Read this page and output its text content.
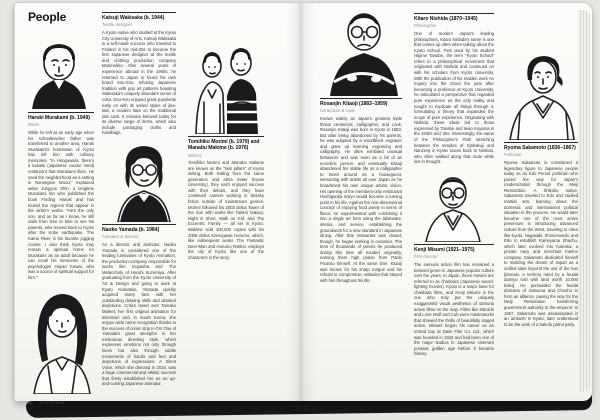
People
Haruki Murakami (b. 1949)
Writer
While he left at an early age when his schoolteacher father was transferred to another area, Haruki Murakami's hometown of Kyoto has left him with culinary memories. "In Hirogawara, there's a kaiseki (Japanese course meal) restaurant that Murakami likes. He used the neighborhood as a setting in Norwegian Wood," explained writer Jungyun Shin, a longtime Murakami fan who published the book Finding Haruki and has toured the regions that appear in the writer's works. "He's the only son, and as far as I know, he still visits from time to time to see his parents, who moved back to Kyoto after the Kobe earthquake. The Kamo River is his favorite jogging course. I also think Kyoto may remain a spiritual home for Murakami as an adult because he can recall his memories of the psychologist Hayao Kawai, who was a source of spiritual support for him."
30 OVERVIEW
Katsuji Wakisaka (b. 1944)
Textile designer
A Kyoto native who studied at the Kyoto City University of Arts, Katsuji Wakisaka is a self-made success who traveled to Finland in his mid-20s to become the first Japanese designer at the textile and clothing production company Marimekko. After several years of experience abroad in the 1960s, he returned to Japan to found his own brand Sou-Sou. Infusing Japanese tradition with pop art patterns boasting Wakisaka's uniquely abundant sense of color, Sou-Sou enjoyed great popularity early on with its varied styles of jika-tabi, a modern take on the traditional tabi sock. It remains beloved today for its diverse range of items, which also include packaging cloths and handbags.
Naoko Yamada (b. 1984)
Animator & director
As a director and animator, Naoko Yamada is considered one of the leading luminaries of Kyoto Animation, the production company responsible for works like Inuyasha and The Melancholy of Haruhi Suzumiya. After graduating from the Kyoto University of Art & Design and going to work at Kyoto Animation, Yamada quickly acquired many fans with her outstanding drawing skills and detailed depictions. Critics raved over Tamako Market, her first original animation for television and, in South Korea, she enjoys wide name recognition thanks to the success of comic strip K-On! One of Yamada's great strengths is her meticulous directing style, which expresses emotions not only through faces but also through subtle movements of hands and feet and depictions of expressions. A Silent Voice, which she directed in 2016, was a huge commercial and artistic success that firmly established her as an up-and-coming Japanese animator.
Tomihiko Morimi (b. 1979) and Manabu Makime (b. 1976)
Writers
Tomihiko Morimi and Manabu Makime are known as the "twin pillars" of Kyoto writing. Both hailing from the same generation and alma mater (Kyoto University), they each enjoyed success with their debuts, and they have continued careers working in fantasy fiction outside of mainstream genres. Morimi followed his 2003 debut Tower of the Sun with works like Tatami Galaxy; Night is Short, Walk on Girl; and The Eccentric Family — all set in Kyoto. Makime sold 100,000 copies with his 2006 debut Kamogawa Horumo, which, like subsequent works The Fantastic Deer-Man and Horumo Rokkei, employs the city of Kyoto like one of the characters in the story.
Rosanjin Kitaoji (1883–1959)
Ceramicist & cook
Known widely as Japan's greatest triple threat ceramicist, calligrapher, and cook, Rosanjin Kitaoji was born in Kyoto in 1883. But after being abandoned by his parents, he was adopted by a woodblock engraver and grew up learning engraving and calligraphy. He often exhibited unusual behaviors and was seen as a bit of an eccentric person, and eventually Kitaoji abandoned his stable life as a calligrapher to travel around as a houseguest, interacting with artists all over Japan as he broadened his own unique artistic vision. His opening of the members-only restaurant Hoshigaoka Saryo would become a turning point in his life. Against the one-dimensional concept of enjoying food purely in terms of flavor, he experimented with combining it into a single art form using the tableware, interior, and service, establishing the groundwork for a new standard in Japanese dining. After that restaurant was closed, though, he began working in ceramics. The tens of thousands of pieces he produced during this time all exuded originality, earning them high praise from Pablo Picasso himself. At the same time, Kitaoji was known for his sharp tongue and his refusal to compromise, attitudes that stayed with him throughout his life.
Kitaro Nishida (1870–1945)
Philosopher
One of modern Japan's leading philosophers, Kitaro Nishida's name is one that comes up often when talking about the Kyoto School. First used by his student Hajime Tanabe, the term "Kyoto School" refers to a philosophical movement that originated with Nishida and continued on with his scholars from Kyoto University. With the publication of his maiden work An Inquiry into the Good the year after becoming a professor at Kyoto University, he articulated a perspective that regarded pure experience as the only reality and sought to explicate all things through it, formulating a theory that expanded the scope of pure experience. Originating with Nishida, these ideas led to those expressed by Tanabe and Iwao Koyama in the 1930s and '40s. Interestingly, the name of the Philosopher's Path stretching between the temples of Ginkakuji and Nanzenji in Kyoto traces back to Nishida, who often walked along that route while lost in thought.
Kenji Misumi (1921–1975)
Film director
The samurai action film has remained a beloved genre in Japanese popular culture over the years. In Japan, these movies are referred to as chanbara (Japanese sword-fighting movies). Kyoto is a major base for chanbara films, and Kenji Misumi is the one who truly put the uniquely exaggerated visual aesthetics of samurai action films on the map. Films like Zatoichi and Lone Wolf and Cub were masterworks that showed the thrills of beautifully staged action. Misumi began his career as an errand boy at Daiei Film Co. Ltd., which was founded in 1942 and had been one of the major studios in Japanese cinema's postwar golden age before it became history.
Ryoma Sakamoto (1836–1867)
Politician
Ryoma Sakamoto is considered a legendary figure to Japanese people today as an Edo Period politician who paved the way for Japan's modernization through the Meiji Restoration. A Shikoku native, Sakamoto traveled to Edo and studied martial arts, learning about the domestic and international political situation in the process. He would later become one of the most active presences in introducing advanced culture from the West, traveling to cities like Kyoto, Nagasaki, Shimonoseki, and Edo to establish Kameyama Shachu, which later evolved into Kaientai, a private navy and merchant marine company. Sakamoto dedicated himself to realizing the dream of Japan as a unified state beyond the unit of the han [domain, a territory ruled by a feudal daimyo lord with land worth 10,000 koku]. He persuaded the feudal domains of Satsuma and Choshu to form an alliance, paving the way for the Meiji Restoration transferring government authority to the emperor. In 1867, Sakamoto was assassinated in an ambush in Kyoto, later understood to be the work of a bakufu patrol party.
